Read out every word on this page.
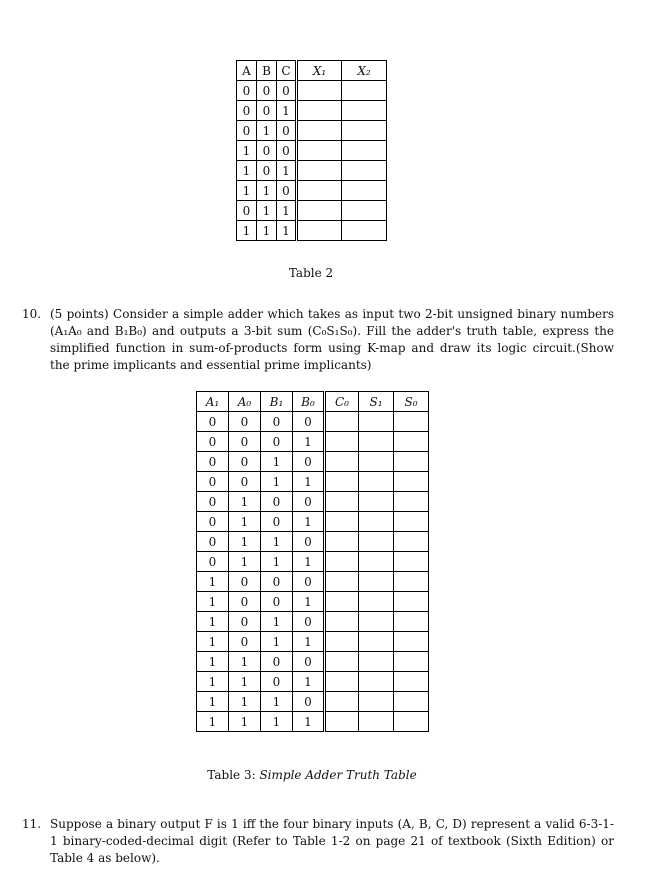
A	B	C	X₁	X₂
0	0	0		
0	0	1		
0	1	0		
1	0	0		
1	0	1		
1	1	0		
0	1	1		
1	1	1		
Table 2
10. (5 points) Consider a simple adder which takes as input two 2-bit unsigned binary numbers (A₁A₀ and B₁B₀) and outputs a 3-bit sum (C₀S₁S₀). Fill the adder's truth table, express the simplified function in sum-of-products form using K-map and draw its logic circuit.(Show the prime implicants and essential prime implicants)
A₁	A₀	B₁	B₀	C₀	S₁	S₀
0	0	0	0			
0	0	0	1			
0	0	1	0			
0	0	1	1			
0	1	0	0			
0	1	0	1			
0	1	1	0			
0	1	1	1			
1	0	0	0			
1	0	0	1			
1	0	1	0			
1	0	1	1			
1	1	0	0			
1	1	0	1			
1	1	1	0			
1	1	1	1			
Table 3: Simple Adder Truth Table
11. Suppose a binary output F is 1 iff the four binary inputs (A, B, C, D) represent a valid 6-3-1-1 binary-coded-decimal digit (Refer to Table 1-2 on page 21 of textbook (Sixth Edition) or Table 4 as below).
